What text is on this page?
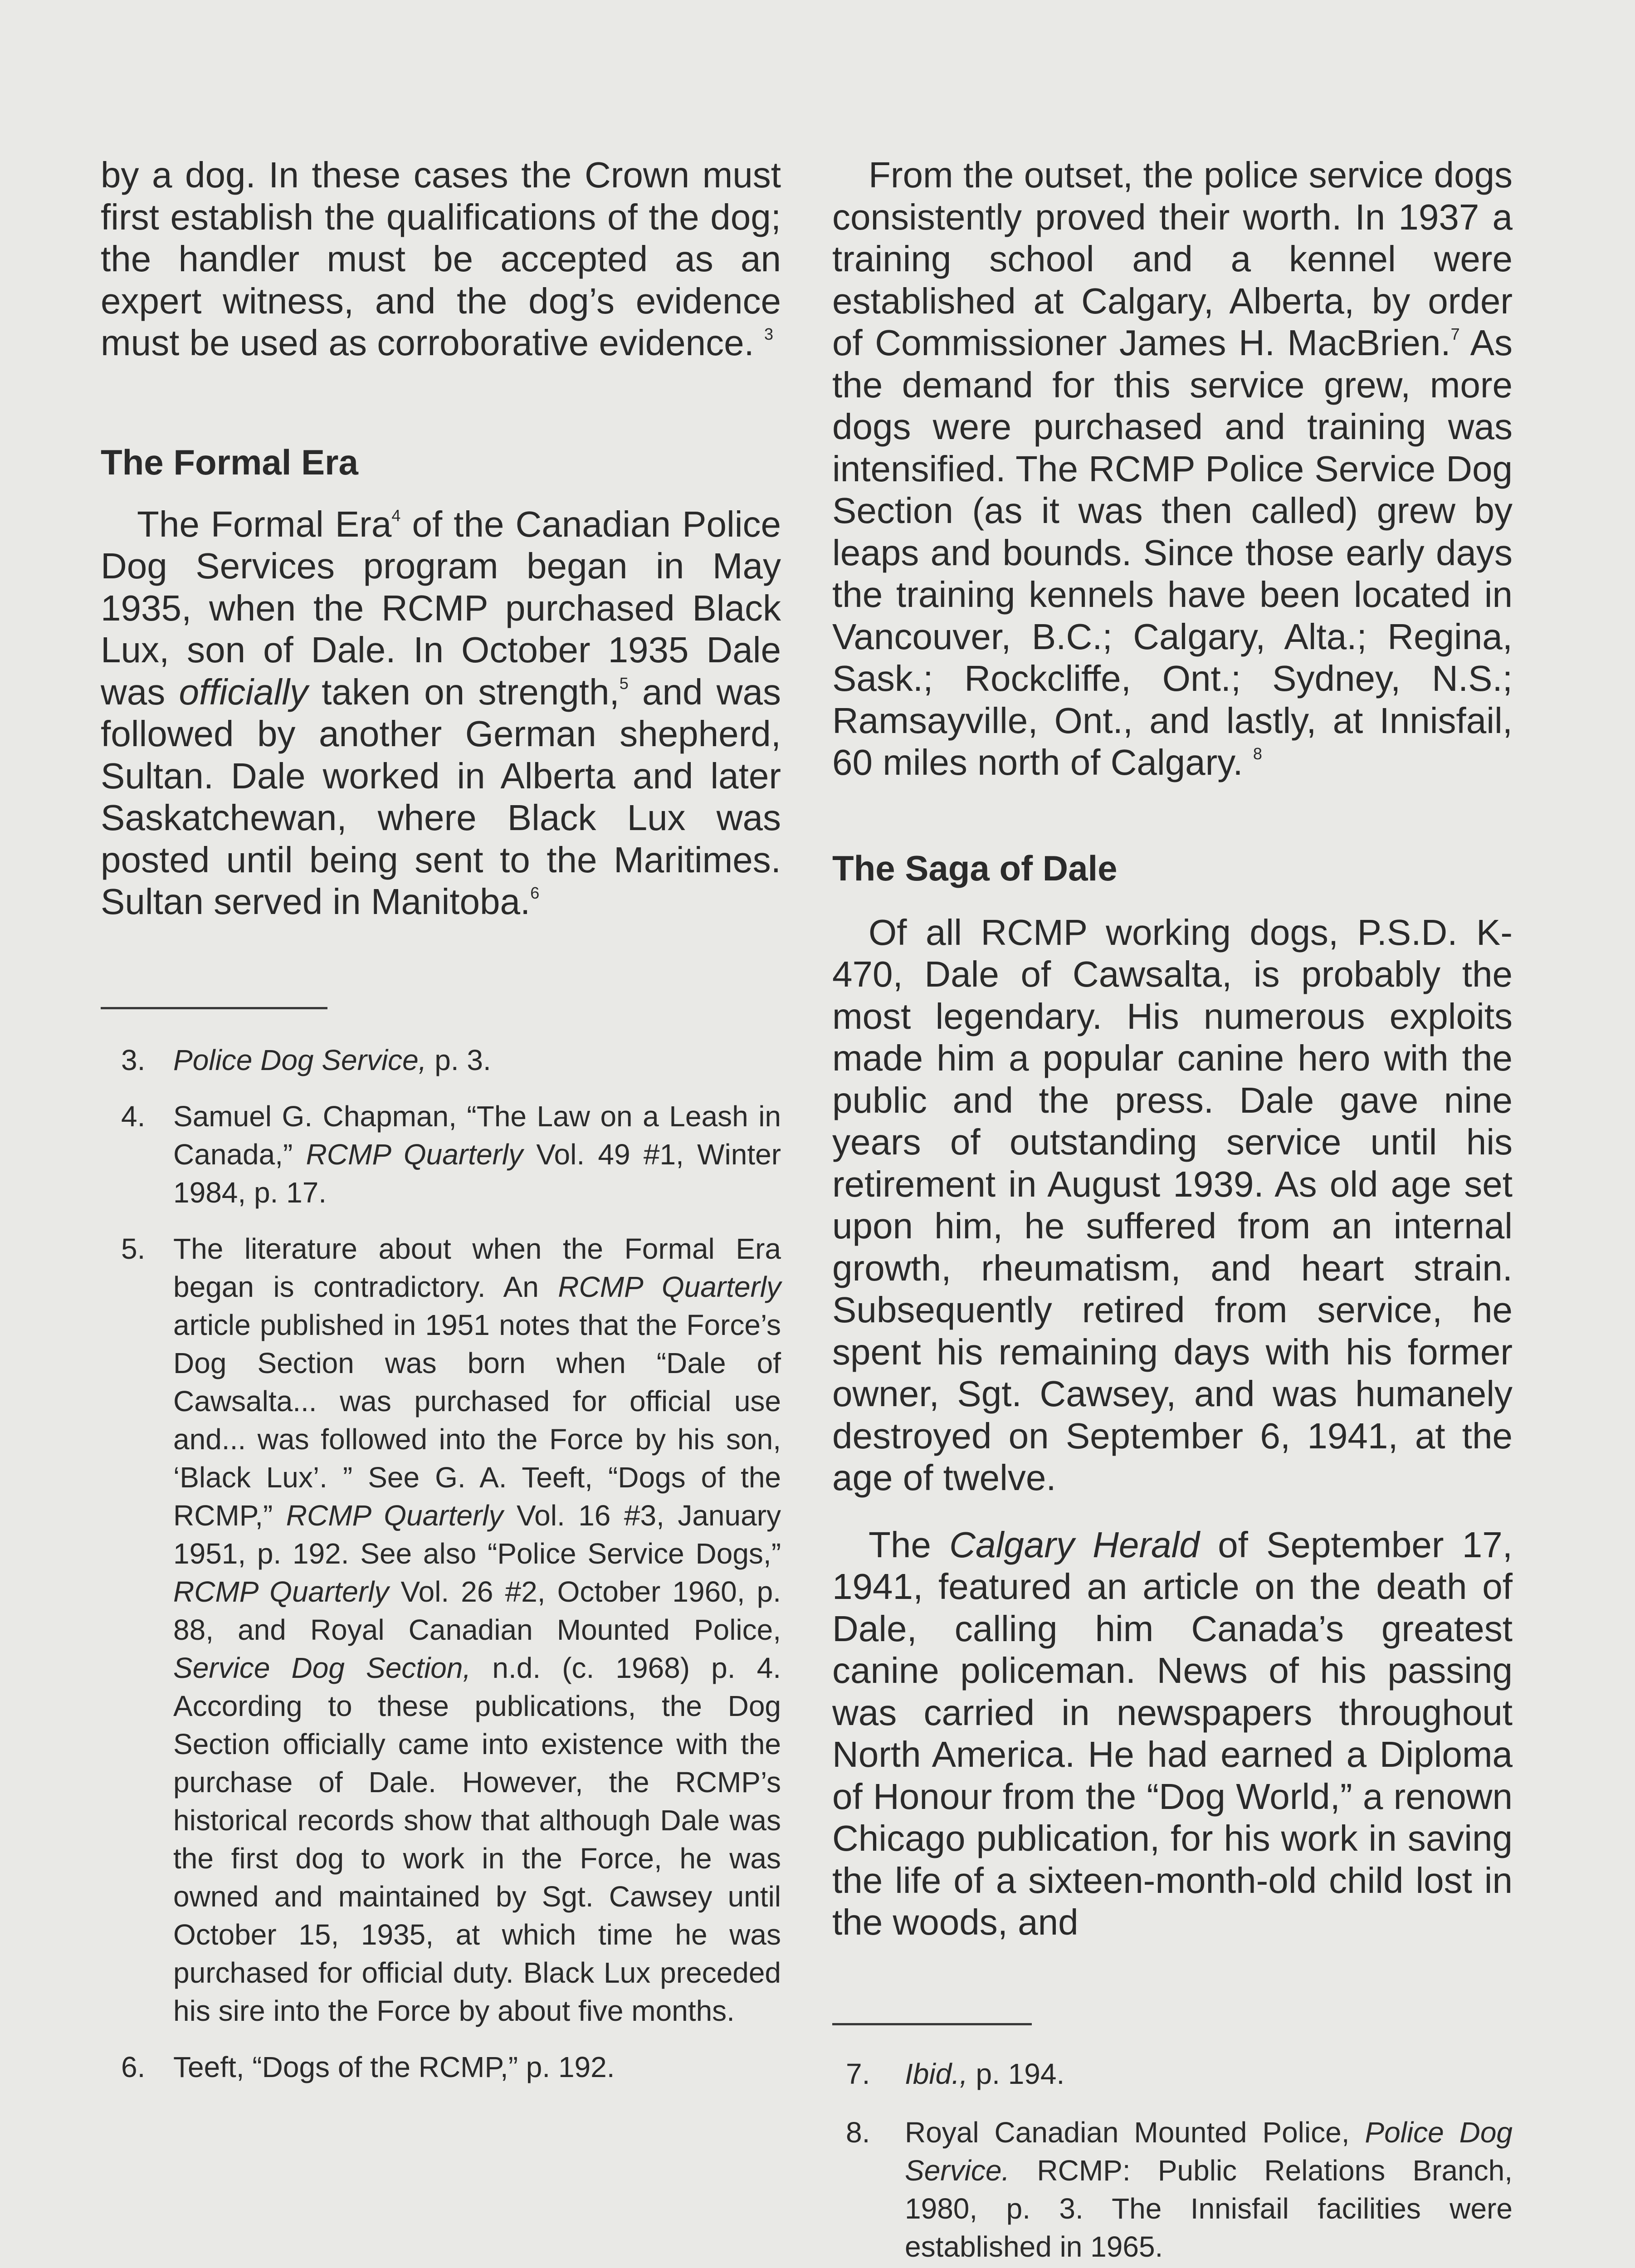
by a dog. In these cases the Crown must first establish the qualifications of the dog; the handler must be accepted as an expert witness, and the dog’s evidence must be used as corroborative evidence. $^3$

The Formal Era

The Formal Era$^4$ of the Canadian Police Dog Services program began in May 1935, when the RCMP purchased Black Lux, son of Dale. In October 1935 Dale was officially taken on strength,$^5$ and was followed by another German shepherd, Sultan. Dale worked in Alberta and later Saskatchewan, where Black Lux was posted until being sent to the Maritimes. Sultan served in Manitoba.$^6$

3. Police Dog Service, p. 3.
4. Samuel G. Chapman, “The Law on a Leash in Canada,” RCMP Quarterly Vol. 49 #1, Winter 1984, p. 17.
5. The literature about when the Formal Era began is contradictory. An RCMP Quarterly article published in 1951 notes that the Force’s Dog Section was born when “Dale of Cawsalta... was purchased for official use and... was followed into the Force by his son, ‘Black Lux’. ” See G. A. Teeft, “Dogs of the RCMP,” RCMP Quarterly Vol. 16 #3, January 1951, p. 192. See also “Police Service Dogs,” RCMP Quarterly Vol. 26 #2, October 1960, p. 88, and Royal Canadian Mounted Police, Service Dog Section, n.d. (c. 1968) p. 4. According to these publications, the Dog Section officially came into existence with the purchase of Dale. However, the RCMP’s historical records show that although Dale was the first dog to work in the Force, he was owned and maintained by Sgt. Cawsey until October 15, 1935, at which time he was purchased for official duty. Black Lux preceded his sire into the Force by about five months.
6. Teeft, “Dogs of the RCMP,” p. 192.

From the outset, the police service dogs consistently proved their worth. In 1937 a training school and a kennel were established at Calgary, Alberta, by order of Commissioner James H. MacBrien.$^7$ As the demand for this service grew, more dogs were purchased and training was intensified. The RCMP Police Service Dog Section (as it was then called) grew by leaps and bounds. Since those early days the training kennels have been located in Vancouver, B.C.; Calgary, Alta.; Regina, Sask.; Rockcliffe, Ont.; Sydney, N.S.; Ramsayville, Ont., and lastly, at Innisfail, 60 miles north of Calgary. $^8$

The Saga of Dale

Of all RCMP working dogs, P.S.D. K-470, Dale of Cawsalta, is probably the most legendary. His numerous exploits made him a popular canine hero with the public and the press. Dale gave nine years of outstanding service until his retirement in August 1939. As old age set upon him, he suffered from an internal growth, rheumatism, and heart strain. Subsequently retired from service, he spent his remaining days with his former owner, Sgt. Cawsey, and was humanely destroyed on September 6, 1941, at the age of twelve.

The Calgary Herald of September 17, 1941, featured an article on the death of Dale, calling him Canada’s greatest canine policeman. News of his passing was carried in newspapers throughout North America. He had earned a Diploma of Honour from the “Dog World,” a renown Chicago publication, for his work in saving the life of a sixteen-month-old child lost in the woods, and

7.	Ibid., p. 194.
8.	Royal Canadian Mounted Police, Police Dog Service. RCMP: Public Relations Branch, 1980, p. 3. The Innisfail facilities were established in 1965.
